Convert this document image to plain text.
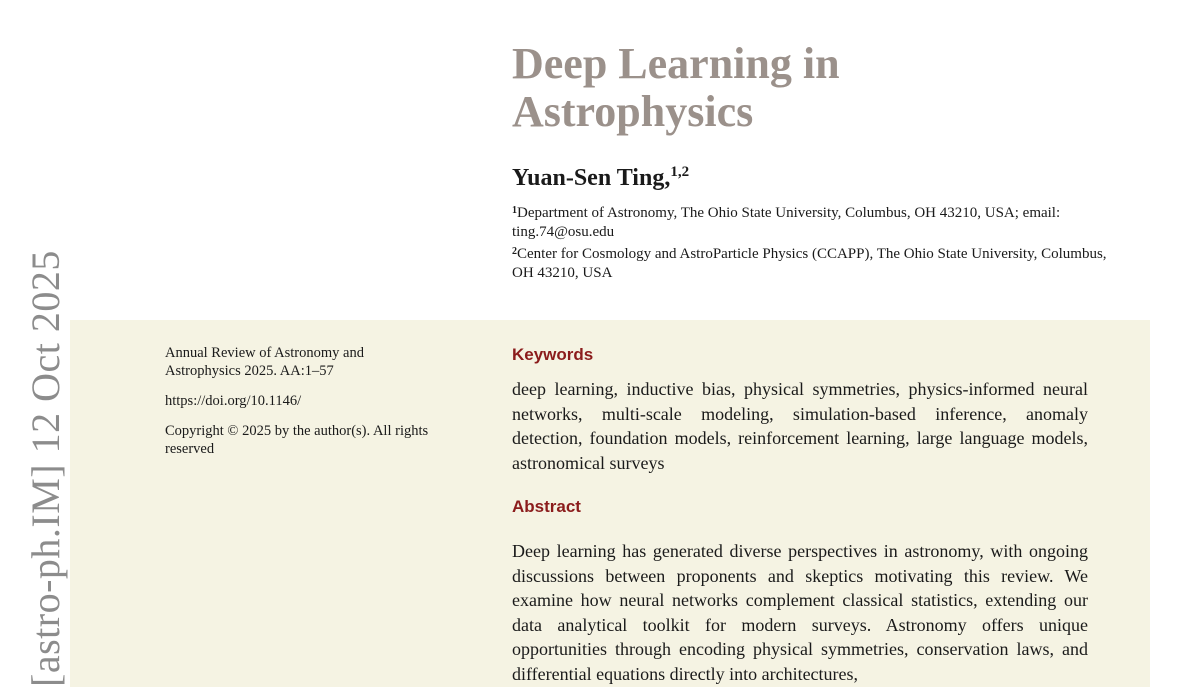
[astro-ph.IM] 12 Oct 2025
Deep Learning in
Astrophysics
Yuan-Sen Ting,$^{1,2}$
$^1$Department of Astronomy, The Ohio State University, Columbus, OH 43210, USA; email: ting.74@osu.edu
$^2$Center for Cosmology and AstroParticle Physics (CCAPP), The Ohio State University, Columbus, OH 43210, USA

Annual Review of Astronomy and Astrophysics 2025. AA:1–57

https://doi.org/10.1146/

Copyright © 2025 by the author(s). All rights reserved

Keywords

deep learning, inductive bias, physical symmetries, physics-informed neural networks, multi-scale modeling, simulation-based inference, anomaly detection, foundation models, reinforcement learning, large language models, astronomical surveys

Abstract

Deep learning has generated diverse perspectives in astronomy, with ongoing discussions between proponents and skeptics motivating this review. We examine how neural networks complement classical statistics, extending our data analytical toolkit for modern surveys. Astronomy offers unique opportunities through encoding physical symmetries, conservation laws, and differential equations directly into architectures,
